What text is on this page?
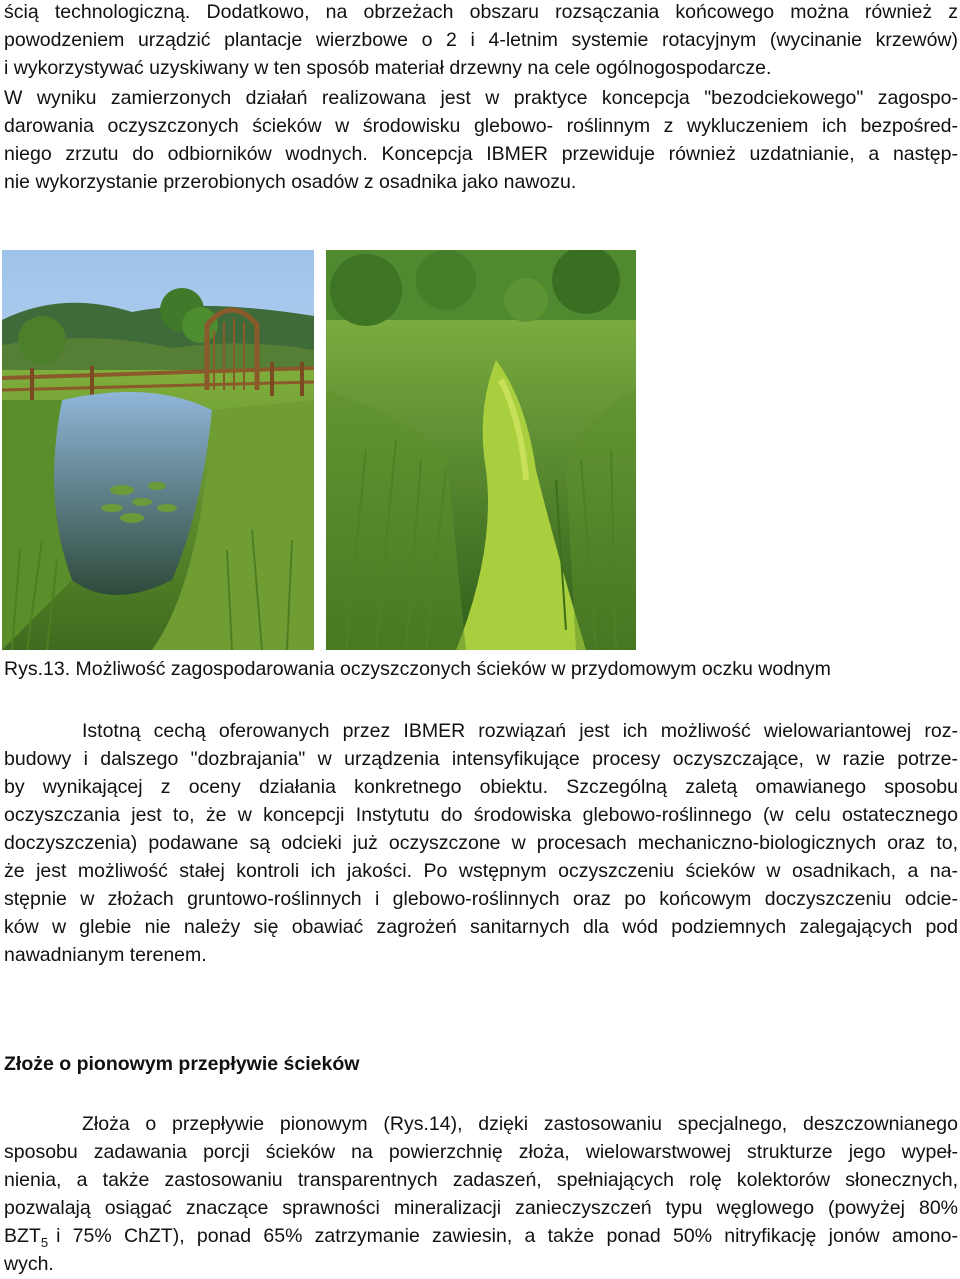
ścią technologiczną. Dodatkowo, na obrzeżach obszaru rozsączania końcowego można również z
powodzeniem urządzić plantacje wierzbowe o 2 i 4-letnim systemie rotacyjnym (wycinanie krzewów)
i wykorzystywać uzyskiwany w ten sposób materiał drzewny na cele ogólnogospodarcze.
W wyniku zamierzonych działań realizowana jest w praktyce koncepcja "bezodciekowego" zagospo-
darowania oczyszczonych ścieków w środowisku glebowo- roślinnym z wykluczeniem ich bezpośred-
niego zrzutu do odbiorników wodnych. Koncepcja IBMER przewiduje również uzdatnianie, a następ-
nie wykorzystanie przerobionych osadów z osadnika jako nawozu.
Rys.13. Możliwość zagospodarowania oczyszczonych ścieków w przydomowym oczku wodnym
Istotną cechą oferowanych przez IBMER rozwiązań jest ich możliwość wielowariantowej roz-
budowy i dalszego "dozbrajania" w urządzenia intensyfikujące procesy oczyszczające, w razie potrze-
by wynikającej z oceny działania konkretnego obiektu. Szczególną zaletą omawianego sposobu
oczyszczania jest to, że w koncepcji Instytutu do środowiska glebowo-roślinnego (w celu ostatecznego
doczyszczenia) podawane są odcieki już oczyszczone w procesach mechaniczno-biologicznych oraz to,
że jest możliwość stałej kontroli ich jakości. Po wstępnym oczyszczeniu ścieków w osadnikach, a na-
stępnie w złożach gruntowo-roślinnych i glebowo-roślinnych oraz po końcowym doczyszczeniu odcie-
ków w glebie nie należy się obawiać zagrożeń sanitarnych dla wód podziemnych zalegających pod
nawadnianym terenem.
Złoże o pionowym przepływie ścieków
Złoża o przepływie pionowym (Rys.14), dzięki zastosowaniu specjalnego, deszczownianego
sposobu zadawania porcji ścieków na powierzchnię złoża, wielowarstwowej strukturze jego wypeł-
nienia, a także zastosowaniu transparentnych zadaszeń, spełniających rolę kolektorów słonecznych,
pozwalają osiągać znaczące sprawności mineralizacji zanieczyszczeń typu węglowego (powyżej 80%
$BZT_5$ i 75% ChZT), ponad 65% zatrzymanie zawiesin, a także ponad 50% nitryfikację jonów amono-
wych.
